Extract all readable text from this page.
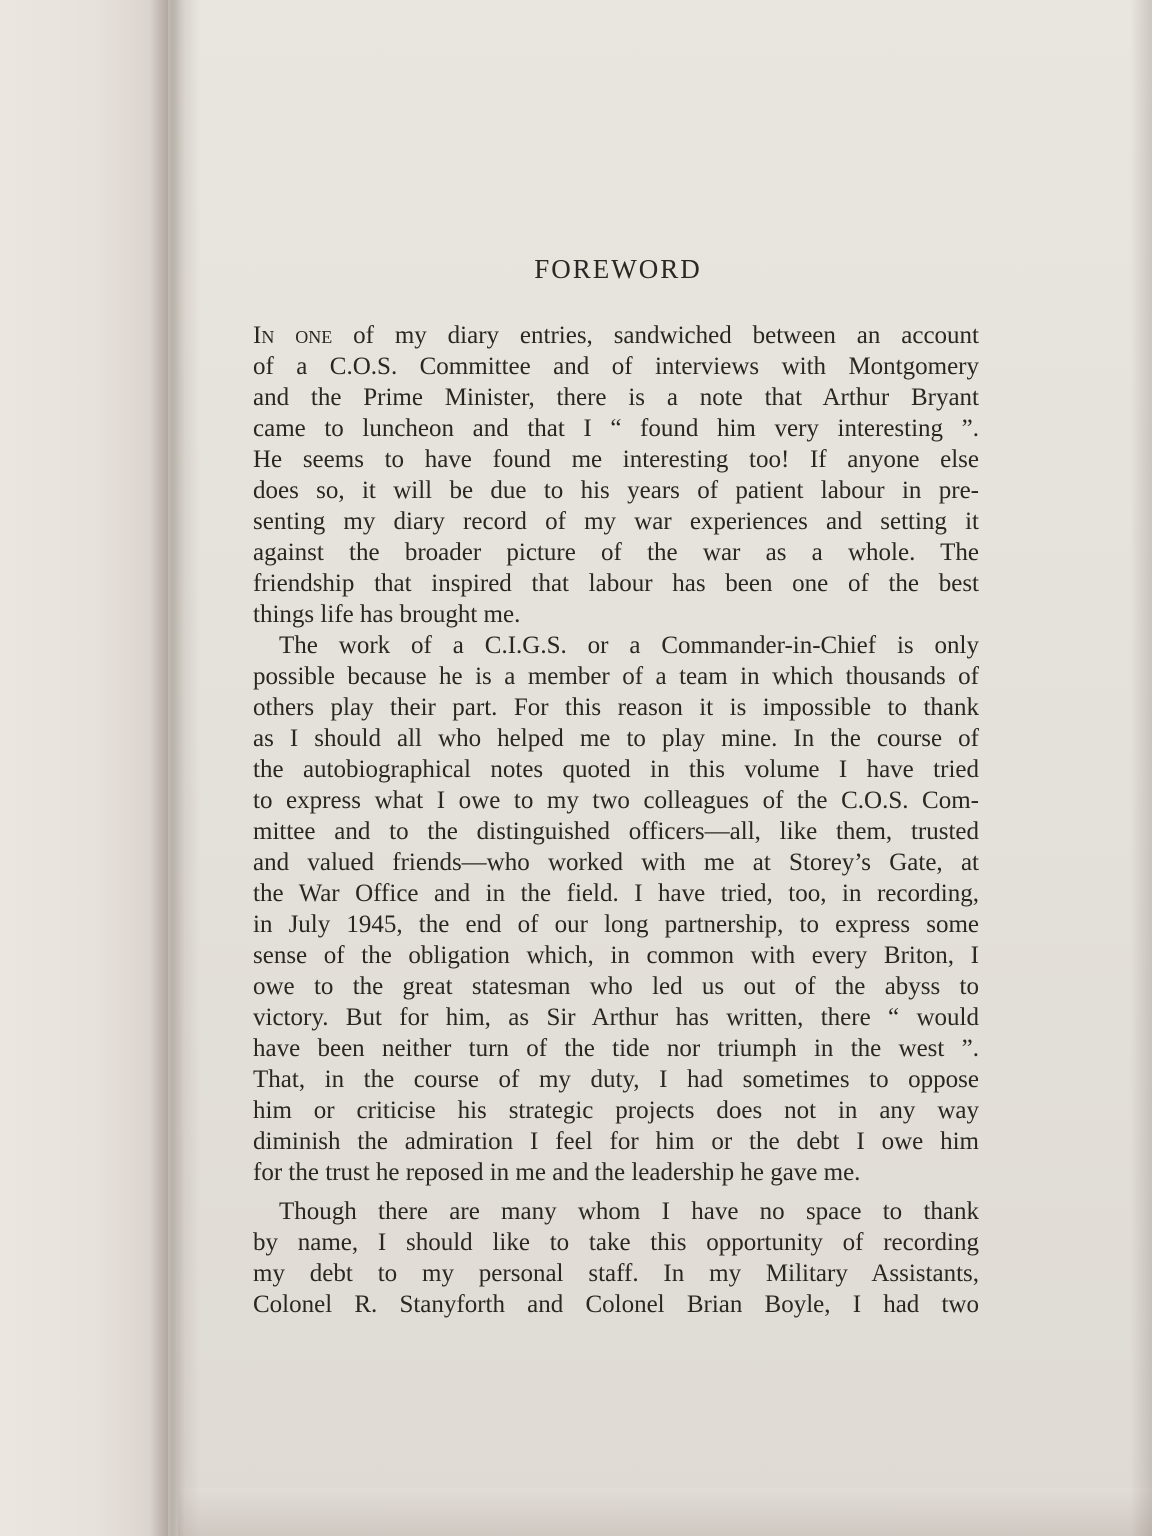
FOREWORD
In one of my diary entries, sandwiched between an account
of a C.O.S. Committee and of interviews with Montgomery
and the Prime Minister, there is a note that Arthur Bryant
came to luncheon and that I “ found him very interesting ”.
He seems to have found me interesting too! If anyone else
does so, it will be due to his years of patient labour in pre-
senting my diary record of my war experiences and setting it
against the broader picture of the war as a whole. The
friendship that inspired that labour has been one of the best
things life has brought me.
The work of a C.I.G.S. or a Commander-in-Chief is only
possible because he is a member of a team in which thousands of
others play their part. For this reason it is impossible to thank
as I should all who helped me to play mine. In the course of
the autobiographical notes quoted in this volume I have tried
to express what I owe to my two colleagues of the C.O.S. Com-
mittee and to the distinguished officers—all, like them, trusted
and valued friends—who worked with me at Storey’s Gate, at
the War Office and in the field. I have tried, too, in recording,
in July 1945, the end of our long partnership, to express some
sense of the obligation which, in common with every Briton, I
owe to the great statesman who led us out of the abyss to
victory. But for him, as Sir Arthur has written, there “ would
have been neither turn of the tide nor triumph in the west ”.
That, in the course of my duty, I had sometimes to oppose
him or criticise his strategic projects does not in any way
diminish the admiration I feel for him or the debt I owe him
for the trust he reposed in me and the leadership he gave me.
Though there are many whom I have no space to thank
by name, I should like to take this opportunity of recording
my debt to my personal staff. In my Military Assistants,
Colonel R. Stanyforth and Colonel Brian Boyle, I had two
